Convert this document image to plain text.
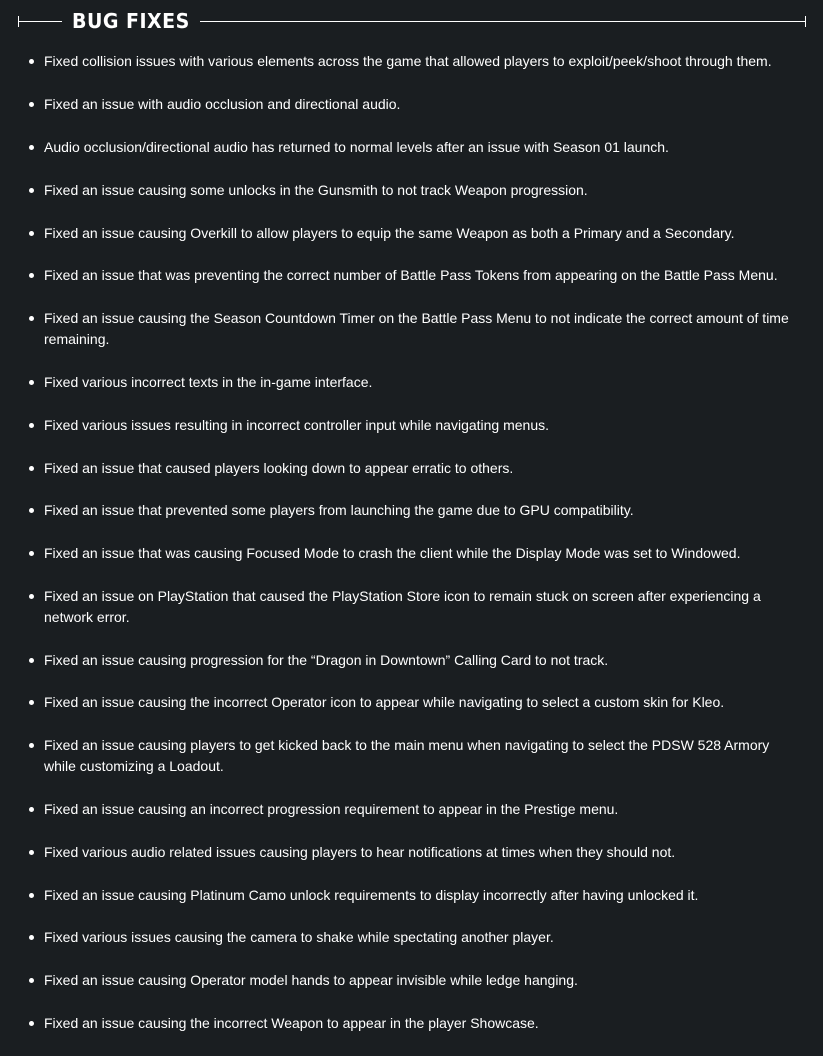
BUG FIXES
Fixed collision issues with various elements across the game that allowed players to exploit/peek/shoot through them.
Fixed an issue with audio occlusion and directional audio.
Audio occlusion/directional audio has returned to normal levels after an issue with Season 01 launch.
Fixed an issue causing some unlocks in the Gunsmith to not track Weapon progression.
Fixed an issue causing Overkill to allow players to equip the same Weapon as both a Primary and a Secondary.
Fixed an issue that was preventing the correct number of Battle Pass Tokens from appearing on the Battle Pass Menu.
Fixed an issue causing the Season Countdown Timer on the Battle Pass Menu to not indicate the correct amount of time remaining.
Fixed various incorrect texts in the in-game interface.
Fixed various issues resulting in incorrect controller input while navigating menus.
Fixed an issue that caused players looking down to appear erratic to others.
Fixed an issue that prevented some players from launching the game due to GPU compatibility.
Fixed an issue that was causing Focused Mode to crash the client while the Display Mode was set to Windowed.
Fixed an issue on PlayStation that caused the PlayStation Store icon to remain stuck on screen after experiencing a network error.
Fixed an issue causing progression for the “Dragon in Downtown” Calling Card to not track.
Fixed an issue causing the incorrect Operator icon to appear while navigating to select a custom skin for Kleo.
Fixed an issue causing players to get kicked back to the main menu when navigating to select the PDSW 528 Armory while customizing a Loadout.
Fixed an issue causing an incorrect progression requirement to appear in the Prestige menu.
Fixed various audio related issues causing players to hear notifications at times when they should not.
Fixed an issue causing Platinum Camo unlock requirements to display incorrectly after having unlocked it.
Fixed various issues causing the camera to shake while spectating another player.
Fixed an issue causing Operator model hands to appear invisible while ledge hanging.
Fixed an issue causing the incorrect Weapon to appear in the player Showcase.
